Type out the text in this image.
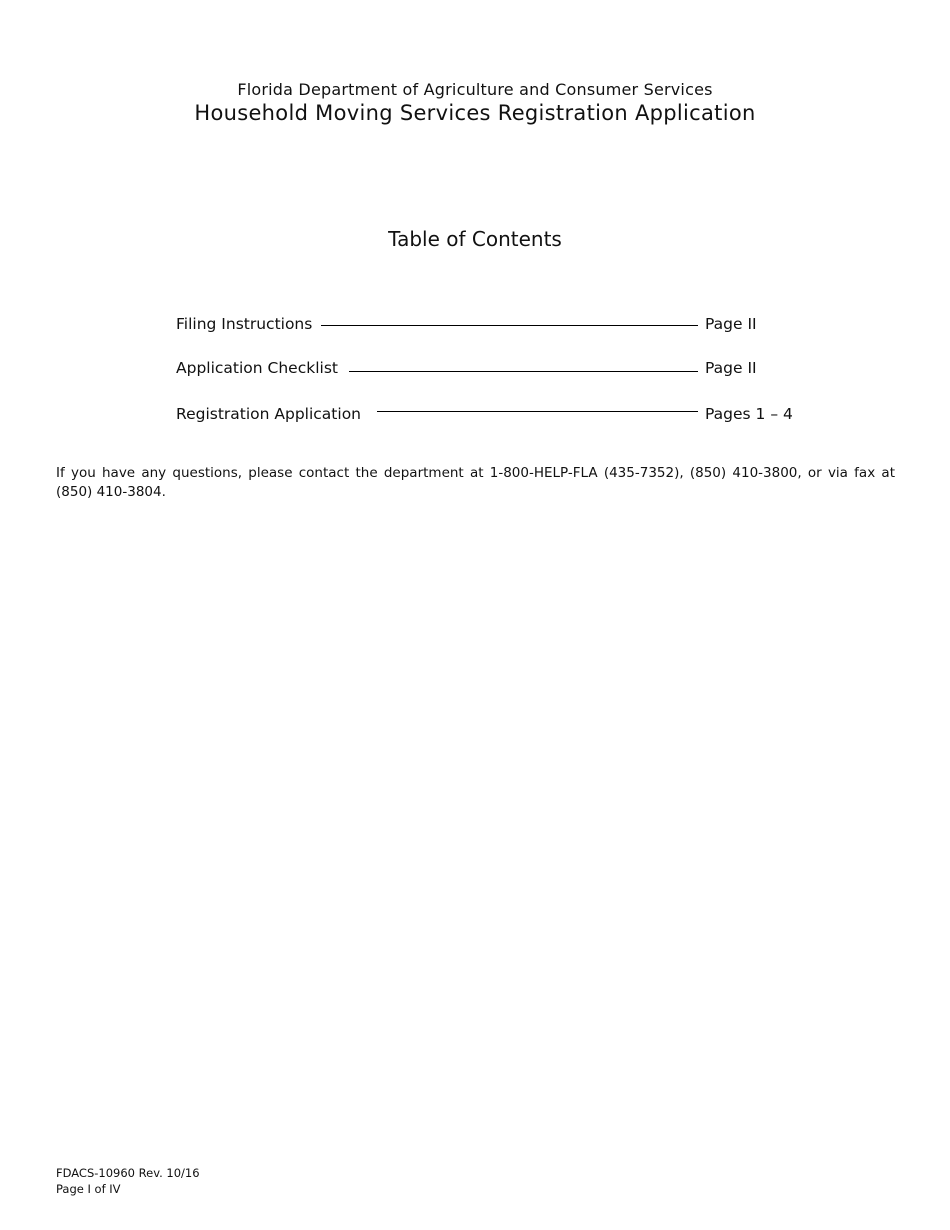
Florida Department of Agriculture and Consumer Services
Household Moving Services Registration Application
Table of Contents
Filing Instructions	Page II
Application Checklist	Page II
Registration Application	Pages 1 – 4
If you have any questions, please contact the department at 1-800-HELP-FLA (435-7352), (850) 410-3800, or via fax at (850) 410-3804.
FDACS-10960 Rev. 10/16
Page I of IV
